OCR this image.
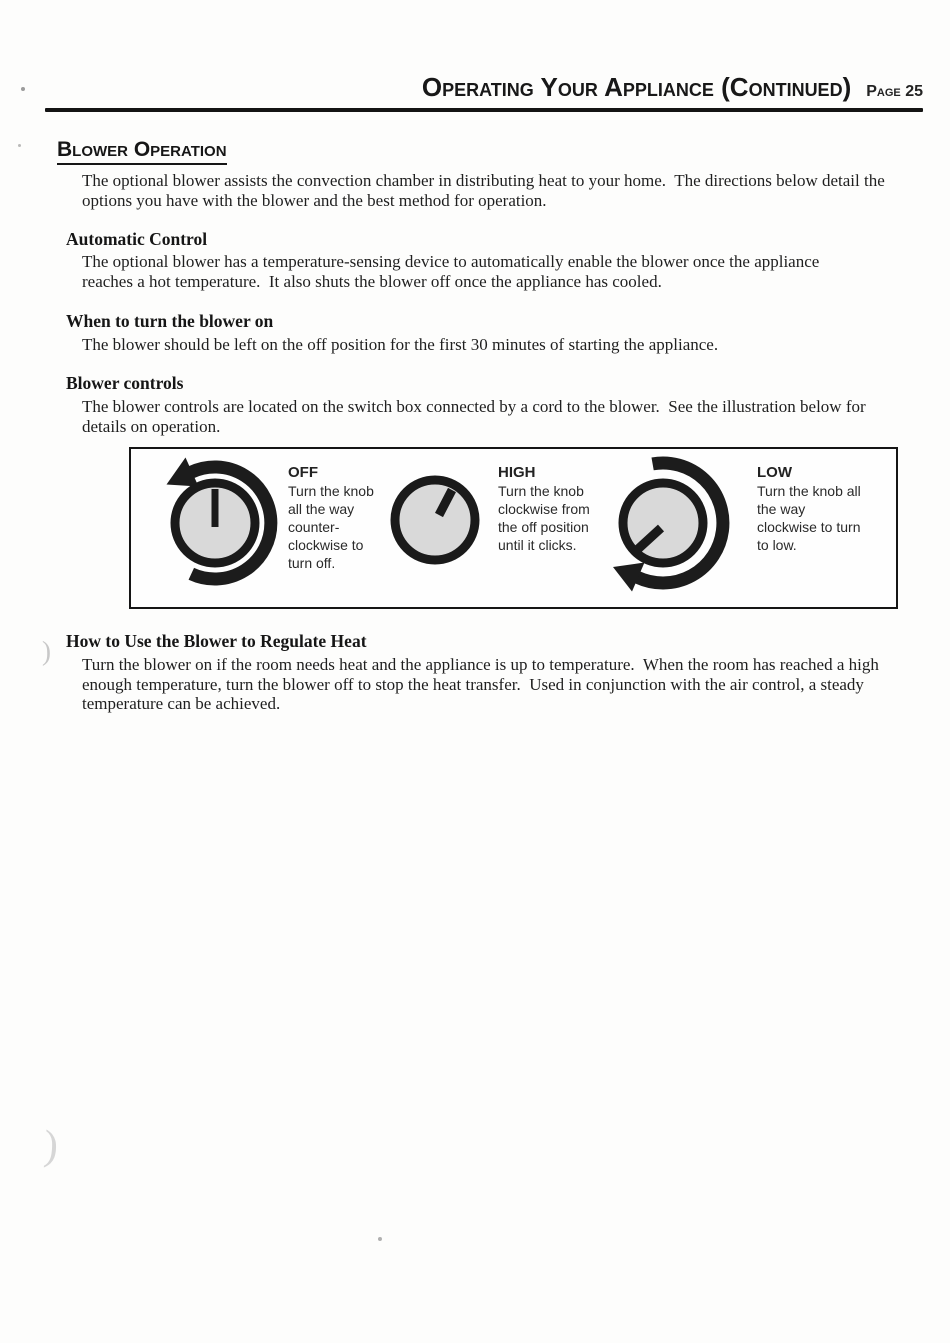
)
)
Operating Your Appliance (Continued) Page 25
Blower Operation
The optional blower assists the convection chamber in distributing heat to your home.  The directions below detail the options you have with the blower and the best method for operation.
Automatic Control
The optional blower has a temperature-sensing device to automatically enable the blower once the appliance reaches a hot temperature.  It also shuts the blower off once the appliance has cooled.
When to turn the blower on
The blower should be left on the off position for the first 30 minutes of starting the appliance.
Blower controls
The blower controls are located on the switch box connected by a cord to the blower.  See the illustration below for details on operation.
OFF
Turn the knob all the way counter-clockwise to turn off.
HIGH
Turn the knob clockwise from the off position until it clicks.
LOW
Turn the knob all the way clockwise to turn to low.
How to Use the Blower to Regulate Heat
Turn the blower on if the room needs heat and the appliance is up to temperature.  When the room has reached a high enough temperature, turn the blower off to stop the heat transfer.  Used in conjunction with the air control, a steady temperature can be achieved.
